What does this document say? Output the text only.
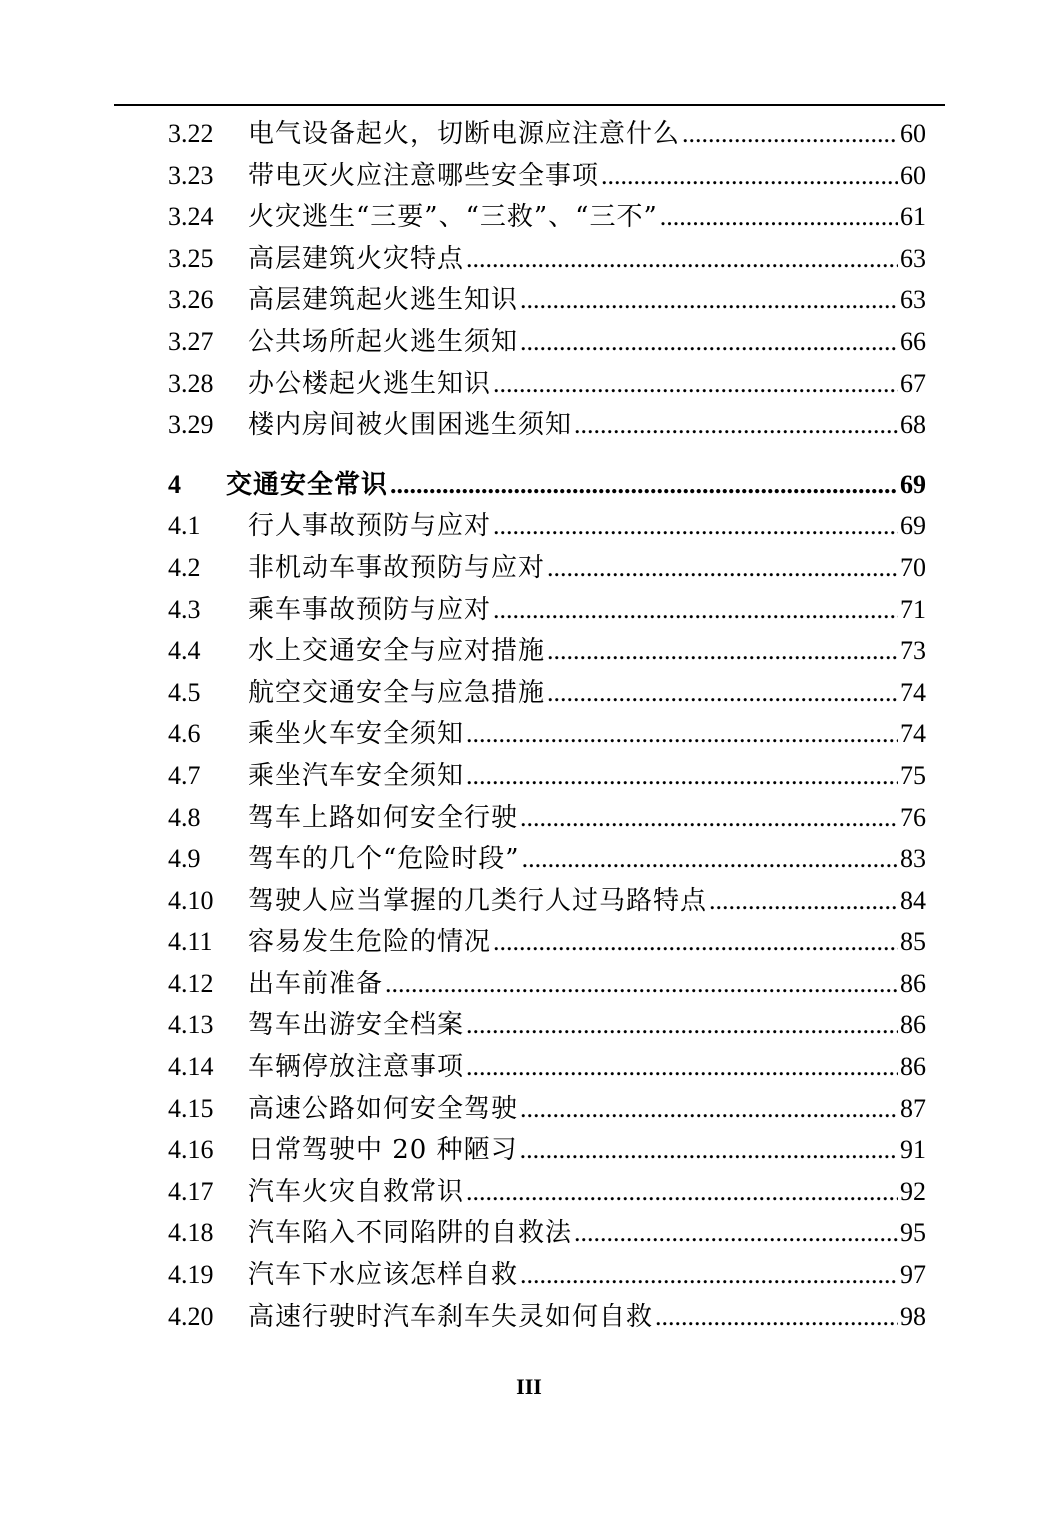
3.22	电气设备起火，切断电源应注意什么 .....	60
3.23	带电灭火应注意哪些安全事项 .....	60
3.24	火灾逃生“三要”、“三救”、“三不” .....	61
3.25	高层建筑火灾特点 .....	63
3.26	高层建筑起火逃生知识 .....	63
3.27	公共场所起火逃生须知 .....	66
3.28	办公楼起火逃生知识 .....	67
3.29	楼内房间被火围困逃生须知 .....	68
4	交通安全常识 .....	69
4.1	行人事故预防与应对 .....	69
4.2	非机动车事故预防与应对 .....	70
4.3	乘车事故预防与应对 .....	71
4.4	水上交通安全与应对措施 .....	73
4.5	航空交通安全与应急措施 .....	74
4.6	乘坐火车安全须知 .....	74
4.7	乘坐汽车安全须知 .....	75
4.8	驾车上路如何安全行驶 .....	76
4.9	驾车的几个“危险时段” .....	83
4.10	驾驶人应当掌握的几类行人过马路特点 .....	84
4.11	容易发生危险的情况 .....	85
4.12	出车前准备 .....	86
4.13	驾车出游安全档案 .....	86
4.14	车辆停放注意事项 .....	86
4.15	高速公路如何安全驾驶 .....	87
4.16	日常驾驶中 20 种陋习 .....	91
4.17	汽车火灾自救常识 .....	92
4.18	汽车陷入不同陷阱的自救法 .....	95
4.19	汽车下水应该怎样自救 .....	97
4.20	高速行驶时汽车刹车失灵如何自救 .....	98
III
